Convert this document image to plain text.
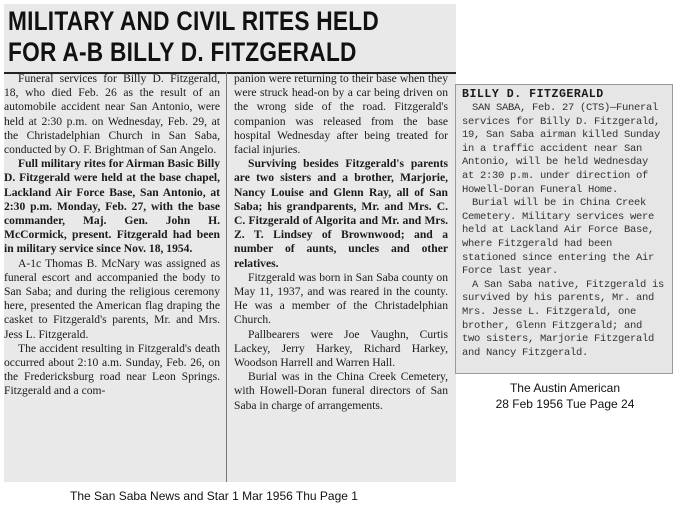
MILITARY AND CIVIL RITES HELD
FOR A-B BILLY D. FITZGERALD

Funeral services for Billy D. Fitzgerald, 18, who died Feb. 26 as the result of an automobile accident near San Antonio, were held at 2:30 p.m. on Wednesday, Feb. 29, at the Christadelphian Church in San Saba, conducted by O. F. Brightman of San Angelo.

Full military rites for Airman Basic Billy D. Fitzgerald were held at the base chapel, Lackland Air Force Base, San Antonio, at 2:30 p.m. Monday, Feb. 27, with the base commander, Maj. Gen. John H. McCormick, present. Fitzgerald had been in military service since Nov. 18, 1954.

A-1c Thomas B. McNary was assigned as funeral escort and accompanied the body to San Saba; and during the religious ceremony here, presented the American flag draping the casket to Fitzgerald's parents, Mr. and Mrs. Jess L. Fitzgerald.

The accident resulting in Fitzgerald's death occurred about 2:10 a.m. Sunday, Feb. 26, on the Fredericksburg road near Leon Springs. Fitzgerald and a com-

panion were returning to their base when they were struck head-on by a car being driven on the wrong side of the road. Fitzgerald's companion was released from the base hospital Wednesday after being treated for facial injuries.

Surviving besides Fitzgerald's parents are two sisters and a brother, Marjorie, Nancy Louise and Glenn Ray, all of San Saba; his grandparents, Mr. and Mrs. C. C. Fitzgerald of Algorita and Mr. and Mrs. Z. T. Lindsey of Brownwood; and a number of aunts, uncles and other relatives.

Fitzgerald was born in San Saba county on May 11, 1937, and was reared in the county. He was a member of the Christadelphian Church.

Pallbearers were Joe Vaughn, Curtis Lackey, Jerry Harkey, Richard Harkey, Woodson Harrell and Warren Hall.

Burial was in the China Creek Cemetery, with Howell-Doran funeral directors of San Saba in charge of arrangements.

The San Saba News and Star 1 Mar 1956 Thu Page 1
BILLY D. FITZGERALD

SAN SABA, Feb. 27 (CTS)—Funeral services for Billy D. Fitzgerald, 19, San Saba airman killed Sunday in a traffic accident near San Antonio, will be held Wednesday at 2:30 p.m. under direction of Howell-Doran Funeral Home.

Burial will be in China Creek Cemetery. Military services were held at Lackland Air Force Base, where Fitzgerald had been stationed since entering the Air Force last year.

A San Saba native, Fitzgerald is survived by his parents, Mr. and Mrs. Jesse L. Fitzgerald, one brother, Glenn Fitzgerald; and two sisters, Marjorie Fitzgerald and Nancy Fitzgerald.

The Austin American
28 Feb 1956 Tue Page 24
